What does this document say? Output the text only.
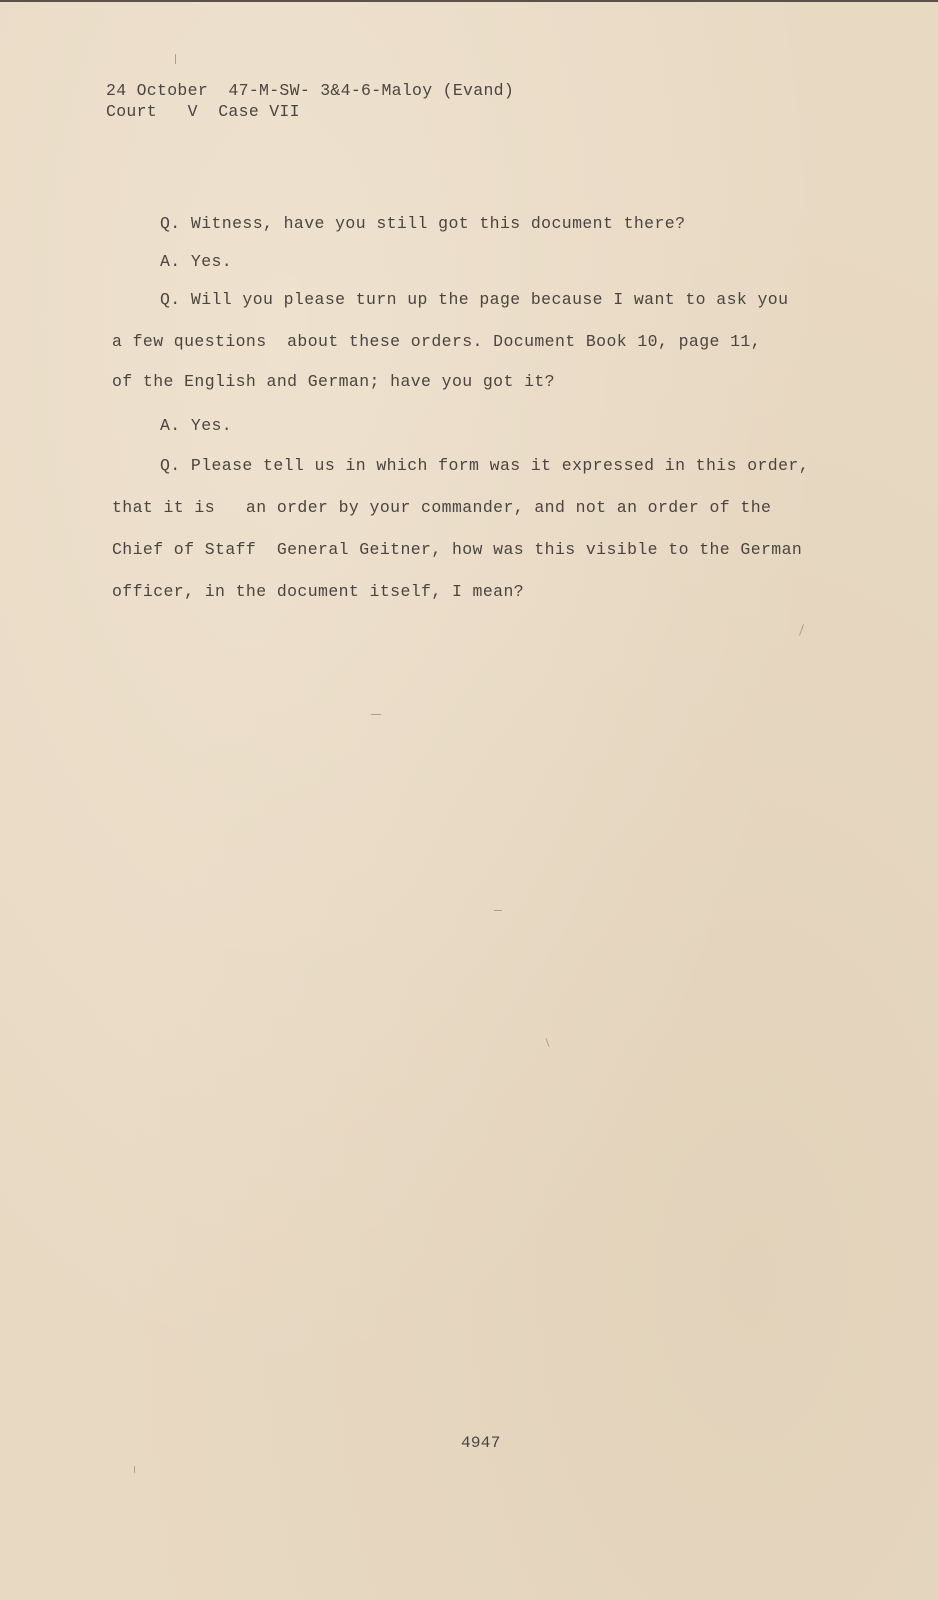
24 October  47-M-SW- 3&4-6-Maloy (Evand)
Court   V  Case VII
Q. Witness, have you still got this document there?
A. Yes.
Q. Will you please turn up the page because I want to ask you
a few questions  about these orders. Document Book 10, page 11,
of the English and German; have you got it?
A. Yes.
Q. Please tell us in which form was it expressed in this order,
that it is   an order by your commander, and not an order of the
Chief of Staff  General Geitner, how was this visible to the German
officer, in the document itself, I mean?
4947
